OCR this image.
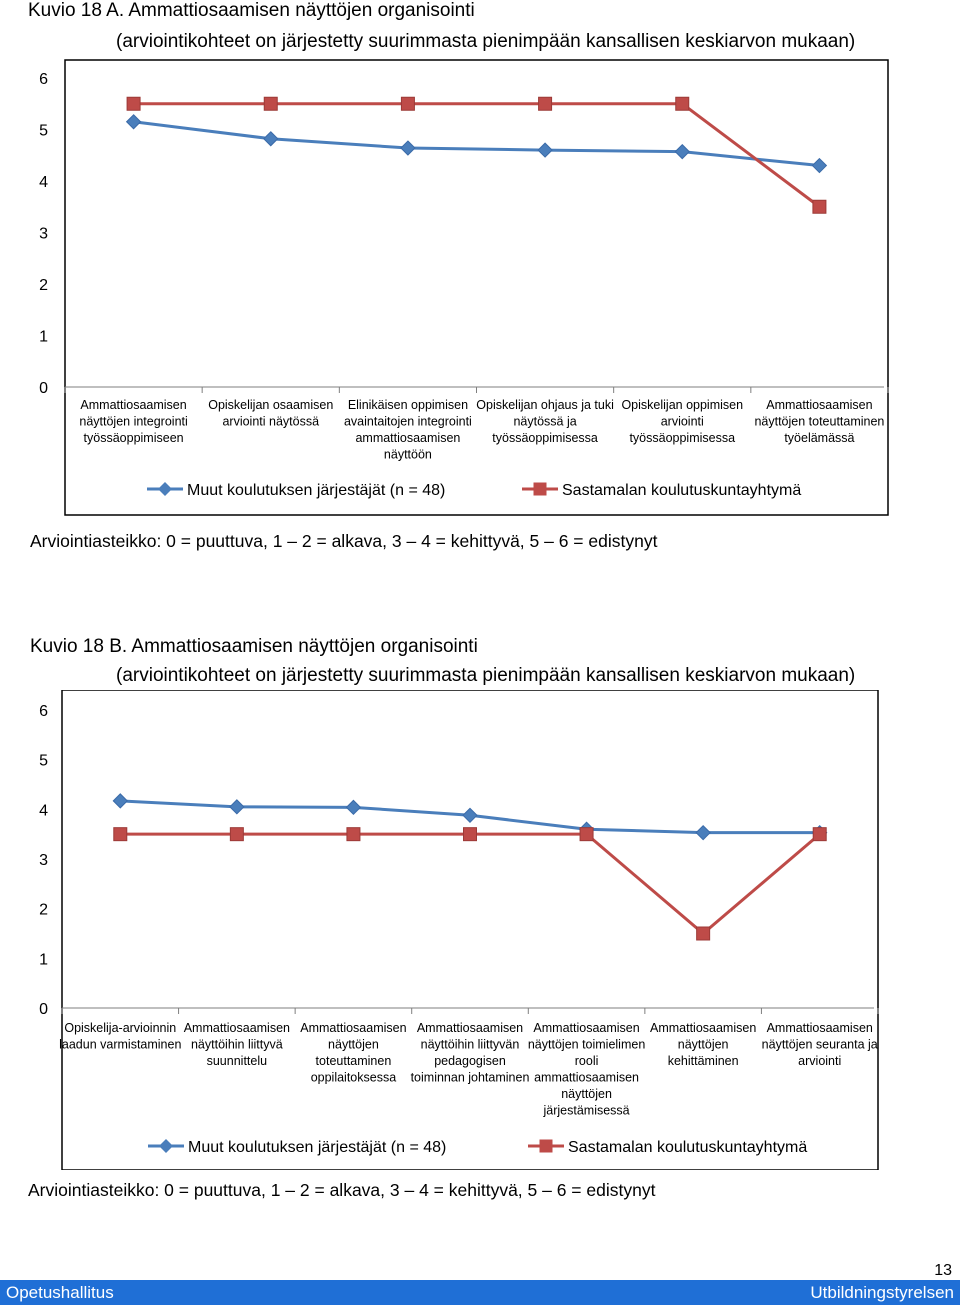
Kuvio 18 A. Ammattiosaamisen näyttöjen organisointi
(arviointikohteet on järjestetty suurimmasta pienimpään kansallisen keskiarvon mukaan)
0
1
2
3
4
5
6
Ammattiosaamisen näyttöjen integrointi työssäoppimiseen
Opiskelijan osaamisen arviointi näytössä
Elinikäisen oppimisen avaintaitojen integrointi ammattiosaamisen näyttöön
Opiskelijan ohjaus ja tuki näytössä ja työssäoppimisessa
Opiskelijan oppimisen arviointi työssäoppimisessa
Ammattiosaamisen näyttöjen toteuttaminen työelämässä
Muut koulutuksen järjestäjät (n = 48)	Sastamalan koulutuskuntayhtymä
Arviointiasteikko: 0 = puuttuva, 1 – 2 = alkava, 3 – 4 = kehittyvä, 5 – 6 = edistynyt
Kuvio 18 B. Ammattiosaamisen näyttöjen organisointi
(arviointikohteet on järjestetty suurimmasta pienimpään kansallisen keskiarvon mukaan)
0
1
2
3
4
5
6
Opiskelija-arvioinnin laadun varmistaminen
Ammattiosaamisen näyttöihin liittyvä suunnittelu
Ammattiosaamisen näyttöjen toteuttaminen oppilaitoksessa
Ammattiosaamisen näyttöihin liittyvän pedagogisen toiminnan johtaminen
Ammattiosaamisen näyttöjen toimielimen rooli ammattiosaamisen näyttöjen järjestämisessä
Ammattiosaamisen näyttöjen kehittäminen
Ammattiosaamisen näyttöjen seuranta ja arviointi
Muut koulutuksen järjestäjät (n = 48)	Sastamalan koulutuskuntayhtymä
Arviointiasteikko: 0 = puuttuva, 1 – 2 = alkava, 3 – 4 = kehittyvä, 5 – 6 = edistynyt
13
Opetushallitus	Utbildningstyrelsen
